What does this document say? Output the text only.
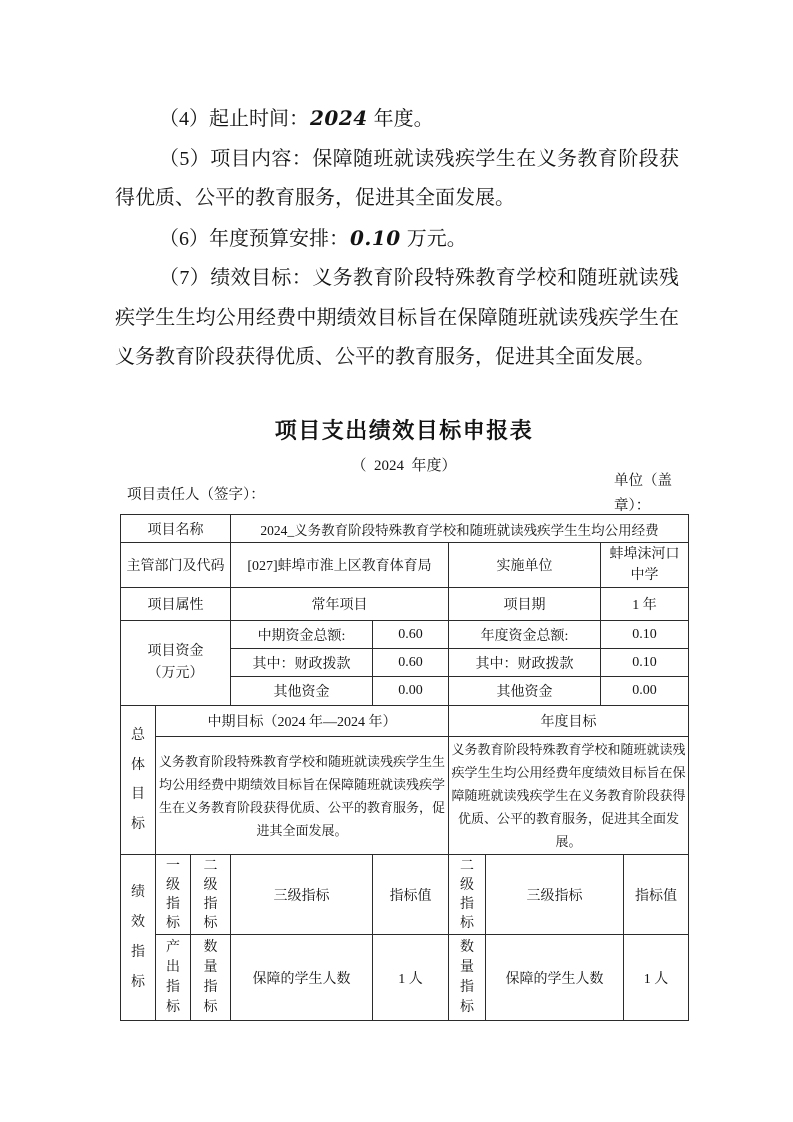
（4）起止时间：2024 年度。

（5）项目内容：保障随班就读残疾学生在义务教育阶段获得优质、公平的教育服务，促进其全面发展。

（6）年度预算安排：0.10 万元。

（7）绩效目标：义务教育阶段特殊教育学校和随班就读残疾学生生均公用经费中期绩效目标旨在保障随班就读残疾学生在义务教育阶段获得优质、公平的教育服务，促进其全面发展。

项目支出绩效目标申报表
（  2024  年度）
项目责任人（签字）：
单位（盖章）：
项目名称			2024_义务教育阶段特殊教育学校和随班就读残疾学生生均公用经费					
主管部门及代码			[027]蚌埠市淮上区教育体育局		实施单位		蚌埠沫河口中学	
项目属性			常年项目		项目期		1 年	

项目资金（万元）			中期资金总额:	0.60	年度资金总额:		0.10	
			其中：财政拨款	0.60	其中：财政拨款		0.10	
			其他资金	0.00	其他资金		0.00	

总体目标	中期目标（2024 年—2024 年）				年度目标			
	义务教育阶段特殊教育学校和随班就读残疾学生生均公用经费中期绩效目标旨在保障随班就读残疾学生在义务教育阶段获得优质、公平的教育服务，促进其全面发展。				义务教育阶段特殊教育学校和随班就读残疾学生生均公用经费年度绩效目标旨在保障随班就读残疾学生在义务教育阶段获得优质、公平的教育服务，促进其全面发展。			

绩效指标	一级指标	二级指标	三级指标	指标值	二级指标	三级指标		指标值

	产出指标	数量指标	保障的学生人数	1 人	数量指标	保障的学生人数		1 人
